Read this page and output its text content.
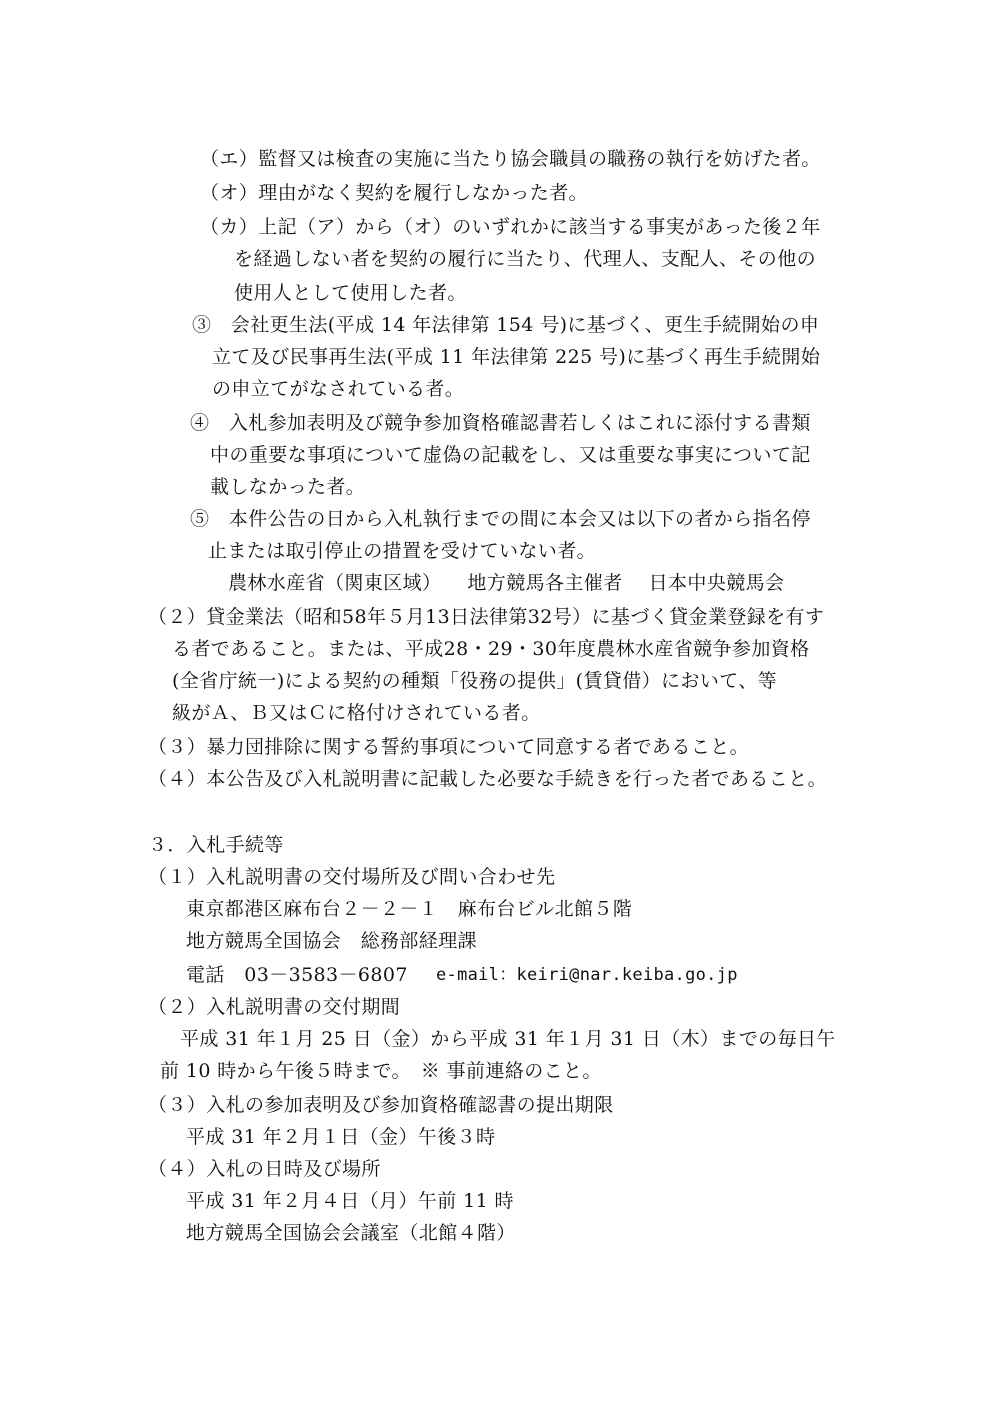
（エ）監督又は検査の実施に当たり協会職員の職務の執行を妨げた者。

（オ）理由がなく契約を履行しなかった者。

（カ）上記（ア）から（オ）のいずれかに該当する事実があった後２年

を経過しない者を契約の履行に当たり、代理人、支配人、その他の

使用人として使用した者。

③　会社更生法(平成 14 年法律第 154 号)に基づく、更生手続開始の申

立て及び民事再生法(平成 11 年法律第 225 号)に基づく再生手続開始

の申立てがなされている者。

④　入札参加表明及び競争参加資格確認書若しくはこれに添付する書類

中の重要な事項について虚偽の記載をし、又は重要な事実について記

載しなかった者。

⑤　本件公告の日から入札執行までの間に本会又は以下の者から指名停

止または取引停止の措置を受けていない者。

農林水産省（関東区域） 地方競馬各主催者 日本中央競馬会

（２）貸金業法（昭和58年５月13日法律第32号）に基づく貸金業登録を有す

る者であること。または、平成28・29・30年度農林水産省競争参加資格

(全省庁統一)による契約の種類「役務の提供」(賃貸借）において、等

級がＡ、Ｂ又はＣに格付けされている者。

（３）暴力団排除に関する誓約事項について同意する者であること。

（４）本公告及び入札説明書に記載した必要な手続きを行った者であること。

３．入札手続等

（１）入札説明書の交付場所及び問い合わせ先

東京都港区麻布台２－２－１　麻布台ビル北館５階

地方競馬全国協会　総務部経理課

電話　03－3583－6807 e-mail：keiri@nar.keiba.go.jp

（２）入札説明書の交付期間

平成 31 年１月 25 日（金）から平成 31 年１月 31 日（木）までの毎日午

前 10 時から午後５時まで。　※ 事前連絡のこと。

（３）入札の参加表明及び参加資格確認書の提出期限

平成 31 年２月１日（金）午後３時

（４）入札の日時及び場所

平成 31 年２月４日（月）午前 11 時

地方競馬全国協会会議室（北館４階）
